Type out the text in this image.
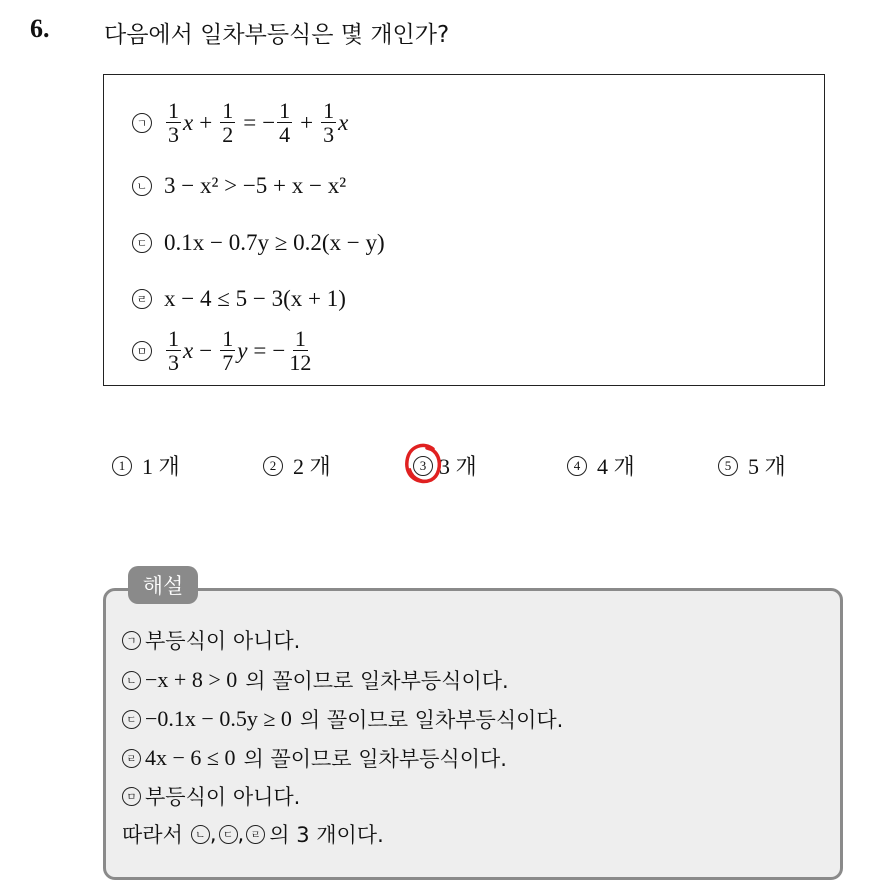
6. 다음에서 일차부등식은 몇 개인가?
ㄱ $\frac{1}{3}$ $x + \frac{1}{2}$ = − $\frac{1}{4} + \frac{1}{3}$ x
ㄴ 3 − x² > −5 + x − x²
ㄷ 0.1x − 0.7y ≥ 0.2(x − y)
ㄹ x − 4 ≤ 5 − 3(x + 1)
ㅁ $\frac{1}{3}$ $x - \frac{1}{7}$ y = − $\frac{1}{12}$
1 1 개	2 2 개	3 3 개	4 4 개	5 5 개
ㄱ 부등식이 아니다.
ㄴ −x + 8 > 0 의 꼴이므로 일차부등식이다.
ㄷ −0.1x − 0.5y ≥ 0 의 꼴이므로 일차부등식이다.
ㄹ 4x − 6 ≤ 0 의 꼴이므로 일차부등식이다.
ㅁ 부등식이 아니다.
따라서	ㄴ , ㄷ , ㄹ 의 3 개이다.
해설
